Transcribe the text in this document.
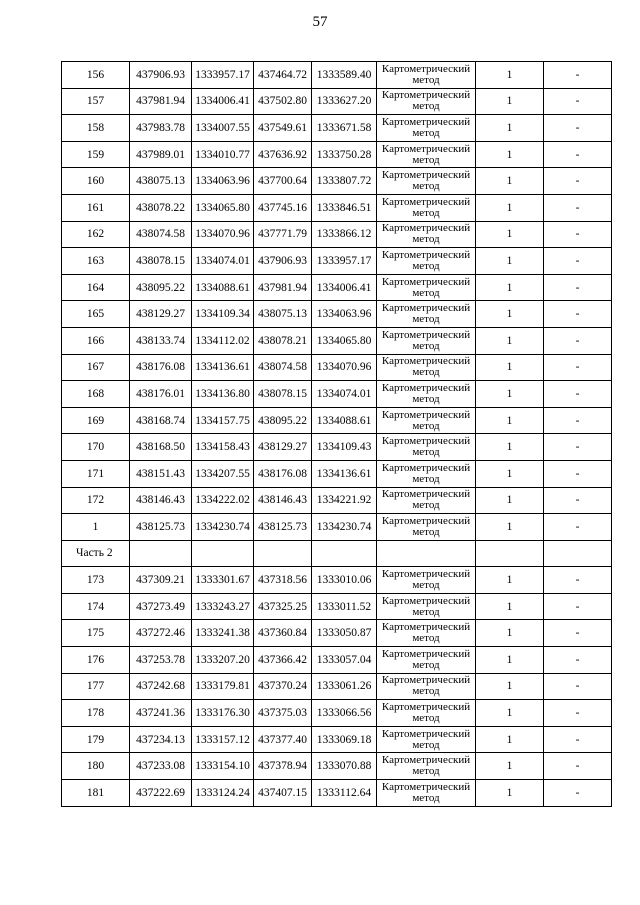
57
156	437906.93	1333957.17	437464.72	1333589.40	Картометрический метод	1	-
157	437981.94	1334006.41	437502.80	1333627.20	Картометрический метод	1	-
158	437983.78	1334007.55	437549.61	1333671.58	Картометрический метод	1	-
159	437989.01	1334010.77	437636.92	1333750.28	Картометрический метод	1	-
160	438075.13	1334063.96	437700.64	1333807.72	Картометрический метод	1	-
161	438078.22	1334065.80	437745.16	1333846.51	Картометрический метод	1	-
162	438074.58	1334070.96	437771.79	1333866.12	Картометрический метод	1	-
163	438078.15	1334074.01	437906.93	1333957.17	Картометрический метод	1	-
164	438095.22	1334088.61	437981.94	1334006.41	Картометрический метод	1	-
165	438129.27	1334109.34	438075.13	1334063.96	Картометрический метод	1	-
166	438133.74	1334112.02	438078.21	1334065.80	Картометрический метод	1	-
167	438176.08	1334136.61	438074.58	1334070.96	Картометрический метод	1	-
168	438176.01	1334136.80	438078.15	1334074.01	Картометрический метод	1	-
169	438168.74	1334157.75	438095.22	1334088.61	Картометрический метод	1	-
170	438168.50	1334158.43	438129.27	1334109.43	Картометрический метод	1	-
171	438151.43	1334207.55	438176.08	1334136.61	Картометрический метод	1	-
172	438146.43	1334222.02	438146.43	1334221.92	Картометрический метод	1	-
1	438125.73	1334230.74	438125.73	1334230.74	Картометрический метод	1	-
Часть 2							
173	437309.21	1333301.67	437318.56	1333010.06	Картометрический метод	1	-
174	437273.49	1333243.27	437325.25	1333011.52	Картометрический метод	1	-
175	437272.46	1333241.38	437360.84	1333050.87	Картометрический метод	1	-
176	437253.78	1333207.20	437366.42	1333057.04	Картометрический метод	1	-
177	437242.68	1333179.81	437370.24	1333061.26	Картометрический метод	1	-
178	437241.36	1333176.30	437375.03	1333066.56	Картометрический метод	1	-
179	437234.13	1333157.12	437377.40	1333069.18	Картометрический метод	1	-
180	437233.08	1333154.10	437378.94	1333070.88	Картометрический метод	1	-
181	437222.69	1333124.24	437407.15	1333112.64	Картометрический метод	1	-
